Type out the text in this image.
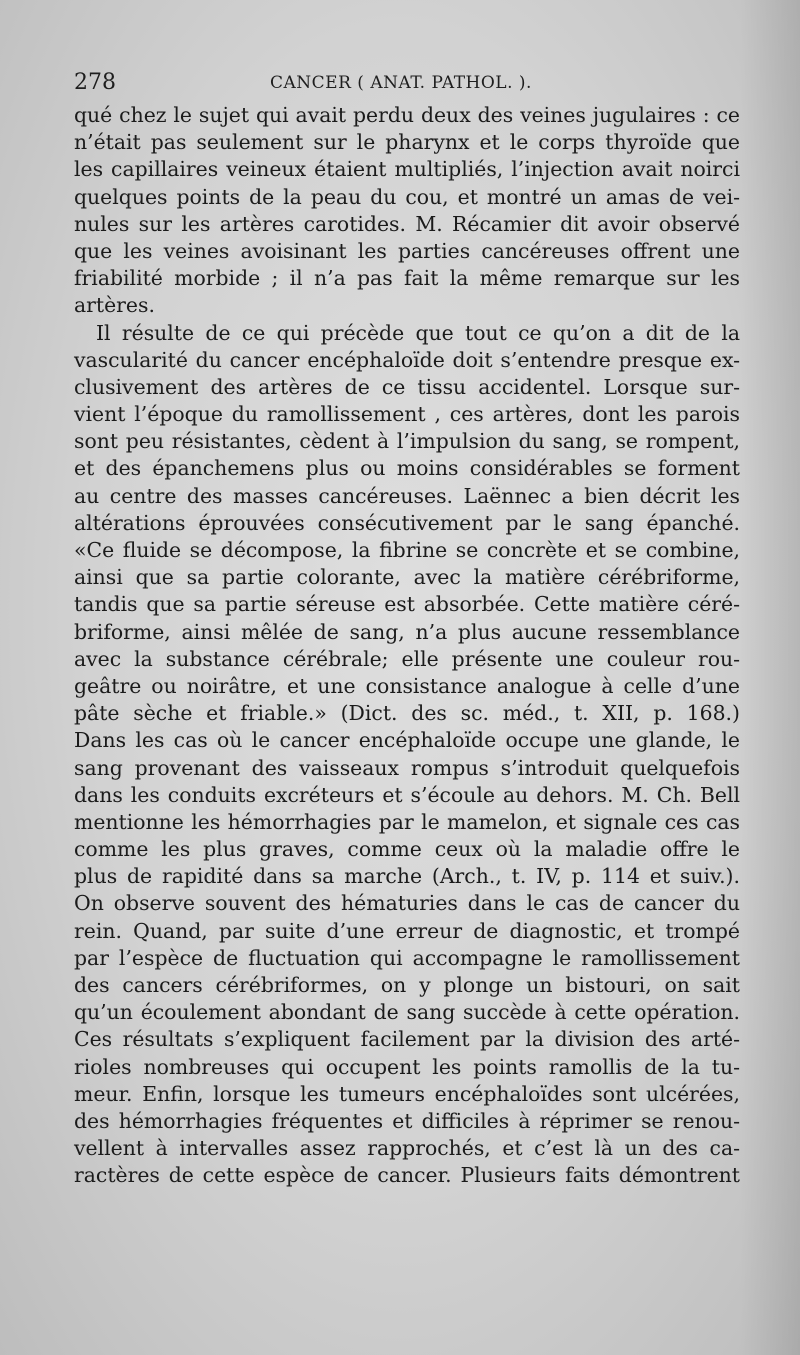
278	CANCER ( ANAT. PATHOL. ).
qué chez le sujet qui avait perdu deux des veines jugulaires : ce
n’était pas seulement sur le pharynx et le corps thyroïde que
les capillaires veineux étaient multipliés, l’injection avait noirci
quelques points de la peau du cou, et montré un amas de vei-
nules sur les artères carotides. M. Récamier dit avoir observé
que les veines avoisinant les parties cancéreuses offrent une
friabilité morbide ; il n’a pas fait la même remarque sur les
artères.
Il résulte de ce qui précède que tout ce qu’on a dit de la
vascularité du cancer encéphaloïde doit s’entendre presque ex-
clusivement des artères de ce tissu accidentel. Lorsque sur-
vient l’époque du ramollissement , ces artères, dont les parois
sont peu résistantes, cèdent à l’impulsion du sang, se rompent,
et des épanchemens plus ou moins considérables se forment
au centre des masses cancéreuses. Laënnec a bien décrit les
altérations éprouvées consécutivement par le sang épanché.
«Ce fluide se décompose, la fibrine se concrète et se combine,
ainsi que sa partie colorante, avec la matière cérébriforme,
tandis que sa partie séreuse est absorbée. Cette matière céré-
briforme, ainsi mêlée de sang, n’a plus aucune ressemblance
avec la substance cérébrale; elle présente une couleur rou-
geâtre ou noirâtre, et une consistance analogue à celle d’une
pâte sèche et friable.» (Dict. des sc. méd., t. XII, p. 168.)
Dans les cas où le cancer encéphaloïde occupe une glande, le
sang provenant des vaisseaux rompus s’introduit quelquefois
dans les conduits excréteurs et s’écoule au dehors. M. Ch. Bell
mentionne les hémorrhagies par le mamelon, et signale ces cas
comme les plus graves, comme ceux où la maladie offre le
plus de rapidité dans sa marche (Arch., t. IV, p. 114 et suiv.).
On observe souvent des hématuries dans le cas de cancer du
rein. Quand, par suite d’une erreur de diagnostic, et trompé
par l’espèce de fluctuation qui accompagne le ramollissement
des cancers cérébriformes, on y plonge un bistouri, on sait
qu’un écoulement abondant de sang succède à cette opération.
Ces résultats s’expliquent facilement par la division des arté-
rioles nombreuses qui occupent les points ramollis de la tu-
meur. Enfin, lorsque les tumeurs encéphaloïdes sont ulcérées,
des hémorrhagies fréquentes et difficiles à réprimer se renou-
vellent à intervalles assez rapprochés, et c’est là un des ca-
ractères de cette espèce de cancer. Plusieurs faits démontrent
